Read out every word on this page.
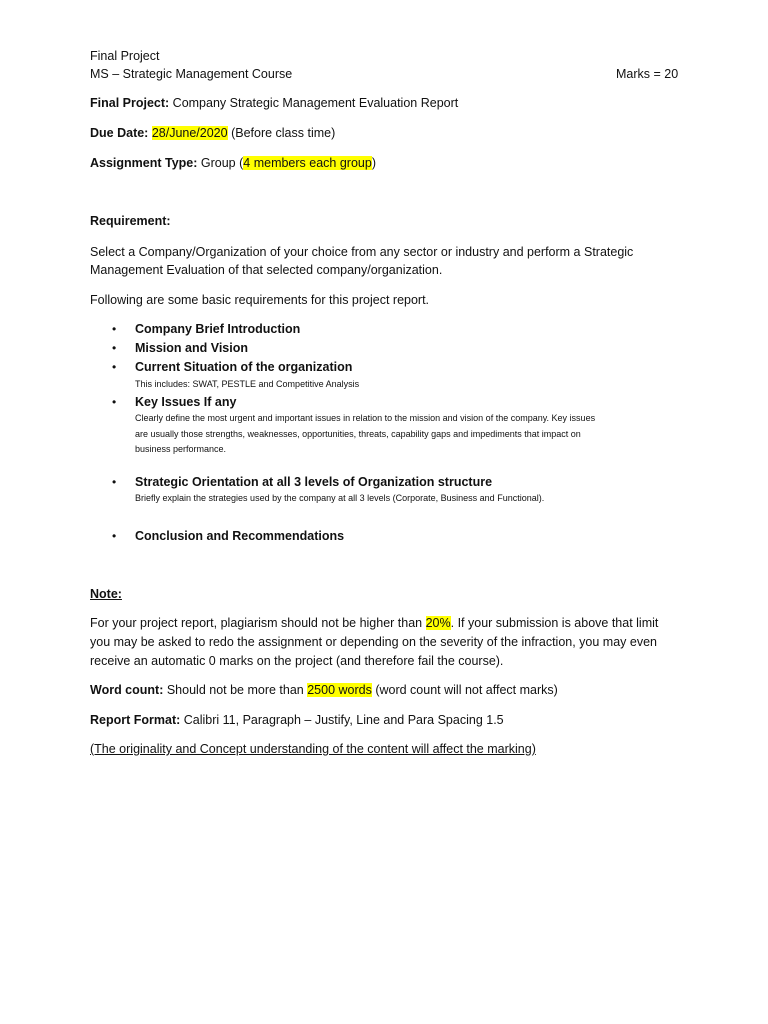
Final Project
MS – Strategic Management Course	Marks = 20
Final Project: Company Strategic Management Evaluation Report
Due Date: 28/June/2020 (Before class time)
Assignment Type: Group (4 members each group)
Requirement:
Select a Company/Organization of your choice from any sector or industry and perform a Strategic
Management Evaluation of that selected company/organization.
Following are some basic requirements for this project report.
• Company Brief Introduction
• Mission and Vision
• Current Situation of the organization
This includes: SWAT, PESTLE and Competitive Analysis
• Key Issues If any
Clearly define the most urgent and important issues in relation to the mission and vision of the company. Key issues
are usually those strengths, weaknesses, opportunities, threats, capability gaps and impediments that impact on
business performance.
• Strategic Orientation at all 3 levels of Organization structure
Briefly explain the strategies used by the company at all 3 levels (Corporate, Business and Functional).
• Conclusion and Recommendations
Note:
For your project report, plagiarism should not be higher than 20%. If your submission is above that limit
you may be asked to redo the assignment or depending on the severity of the infraction, you may even
receive an automatic 0 marks on the project (and therefore fail the course).
Word count: Should not be more than 2500 words (word count will not affect marks)
Report Format: Calibri 11, Paragraph – Justify, Line and Para Spacing 1.5
(The originality and Concept understanding of the content will affect the marking)
